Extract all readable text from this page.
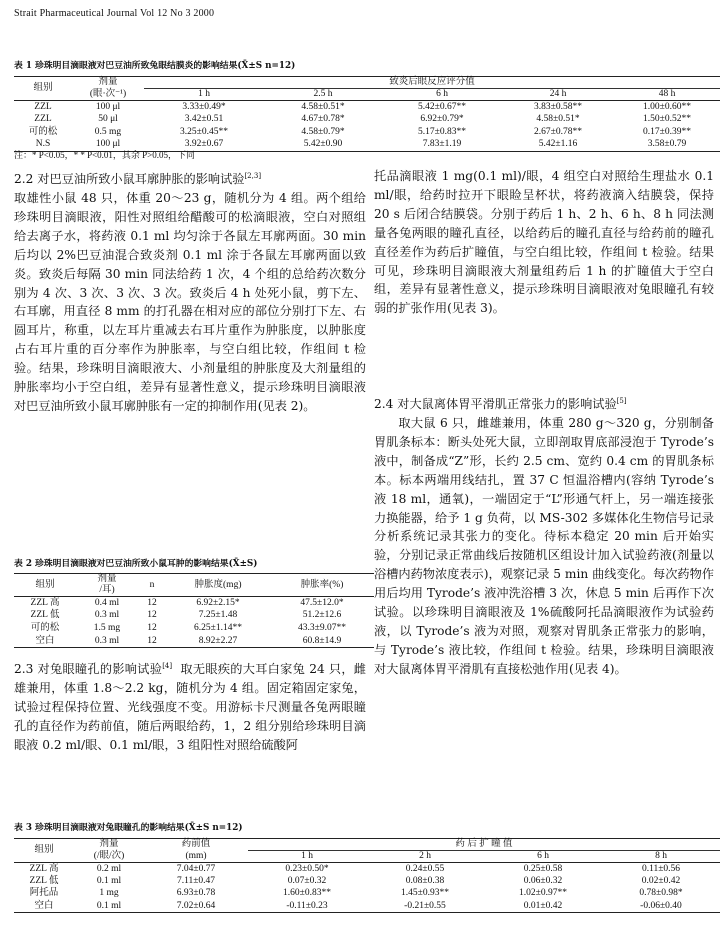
Strait Pharmaceutical Journal Vol 12 No 3 2000
表 1 珍珠明目滴眼液对巴豆油所致兔眼结膜炎的影响结果(X̄±S n=12)
组别	剂量	致炎后眼反应评分值				
	(眼·次⁻¹)	1 h	2.5 h	6 h	24 h	48 h
ZZL	100 μl	3.33±0.49*	4.58±0.51*	5.42±0.67**	3.83±0.58**	1.00±0.60**
ZZL	50 μl	3.42±0.51	4.67±0.78*	6.92±0.79*	4.58±0.51*	1.50±0.52**
可的松	0.5 mg	3.25±0.45**	4.58±0.79*	5.17±0.83**	2.67±0.78**	0.17±0.39**
N.S	100 μl	3.92±0.67	5.42±0.90	7.83±1.19	5.42±1.16	3.58±0.79
注：* P<0.05，* * P<0.01，其余 P>0.05，下同

2.2 对巴豆油所致小鼠耳廓肿胀的影响试验[2,3]

取雄性小鼠 48 只，体重 20～23 g，随机分为 4 组。两个组给珍珠明目滴眼液，阳性对照组给醋酸可的松滴眼液，空白对照组给去离子水，将药液 0.1 ml 均匀涂于各鼠左耳廓两面。30 min 后均以 2%巴豆油混合致炎剂 0.1 ml 涂于各鼠左耳廓两面以致炎。致炎后每隔 30 min 同法给药 1 次，4 个组的总给药次数分别为 4 次、3 次、3 次、3 次。致炎后 4 h 处死小鼠，剪下左、右耳廓，用直径 8 mm 的打孔器在相对应的部位分别打下左、右圆耳片，称重，以左耳片重减去右耳片重作为肿胀度，以肿胀度占右耳片重的百分率作为肿胀率，与空白组比较，作组间 t 检验。结果，珍珠明目滴眼液大、小剂量组的肿胀度及大剂量组的肿胀率均小于空白组，差异有显著性意义，提示珍珠明目滴眼液对巴豆油所致小鼠耳廓肿胀有一定的抑制作用(见表 2)。

表 2 珍珠明目滴眼液对巴豆油所致小鼠耳肿的影响结果(X̄±S)
组别	剂量	n	肿胀度(mg)	肿胀率(%)
	/耳)			
ZZL 高	0.4 ml	12	6.92±2.15*	47.5±12.0*
ZZL 低	0.3 ml	12	7.25±1.48	51.2±12.6
可的松	1.5 mg	12	6.25±1.14**	43.3±9.07**
空白	0.3 ml	12	8.92±2.27	60.8±14.9

2.3 对兔眼瞳孔的影响试验[4] 取无眼疾的大耳白家兔 24 只，雌雄兼用，体重 1.8～2.2 kg，随机分为 4 组。固定箱固定家兔，试验过程保持位置、光线强度不变。用游标卡尺测量各兔两眼瞳孔的直径作为药前值，随后两眼给药，1，2 组分别给珍珠明目滴眼液 0.2 ml/眼、0.1 ml/眼，3 组阳性对照给硫酸阿

托品滴眼液 1 mg(0.1 ml)/眼，4 组空白对照给生理盐水 0.1 ml/眼，给药时拉开下眼睑呈杯状，将药液滴入结膜袋，保持 20 s 后闭合结膜袋。分别于药后 1 h、2 h、6 h、8 h 同法测量各兔两眼的瞳孔直径，以给药后的瞳孔直径与给药前的瞳孔直径差作为药后扩瞳值，与空白组比较，作组间 t 检验。结果可见，珍珠明目滴眼液大剂量组药后 1 h 的扩瞳值大于空白组，差异有显著性意义，提示珍珠明目滴眼液对兔眼瞳孔有较弱的扩张作用(见表 3)。

2.4 对大鼠离体胃平滑肌正常张力的影响试验[5]

取大鼠 6 只，雌雄兼用，体重 280 g～320 g，分别制备胃肌条标本：断头处死大鼠，立即剖取胃底部浸泡于 Tyrode’s 液中，制备成“Z”形，长约 2.5 cm、宽约 0.4 cm 的胃肌条标本。标本两端用线结扎，置 37 C 恒温浴槽内(容纳 Tyrode’s 液 18 ml，通氧)，一端固定于“L”形通气杆上，另一端连接张力换能器，给予 1 g 负荷，以 MS-302 多媒体化生物信号记录分析系统记录其张力的变化。待标本稳定 20 min 后开始实验，分别记录正常曲线后按随机区组设计加入试验药液(剂量以浴槽内药物浓度表示)，观察记录 5 min 曲线变化。每次药物作用后均用 Tyrode’s 液冲洗浴槽 3 次，休息 5 min 后再作下次试验。以珍珠明目滴眼液及 1%硫酸阿托品滴眼液作为试验药液，以 Tyrode’s 液为对照，观察对胃肌条正常张力的影响，与 Tyrode’s 液比较，作组间 t 检验。结果，珍珠明目滴眼液对大鼠离体胃平滑肌有直接松弛作用(见表 4)。

表 3 珍珠明目滴眼液对兔眼瞳孔的影响结果(X̄±S n=12)
组别	剂量	药前值	药 后 扩 瞳 值			
	(/眼/次)	(mm)	1 h	2 h	6 h	8 h
ZZL 高	0.2 ml	7.04±0.77	0.23±0.50*	0.24±0.55	0.25±0.58	0.11±0.56
ZZL 低	0.1 ml	7.11±0.47	0.07±0.32	0.08±0.38	0.06±0.32	0.02±0.42
阿托品	1 mg	6.93±0.78	1.60±0.83**	1.45±0.93**	1.02±0.97**	0.78±0.98*
空白	0.1 ml	7.02±0.64	-0.11±0.23	-0.21±0.55	0.01±0.42	-0.06±0.40
